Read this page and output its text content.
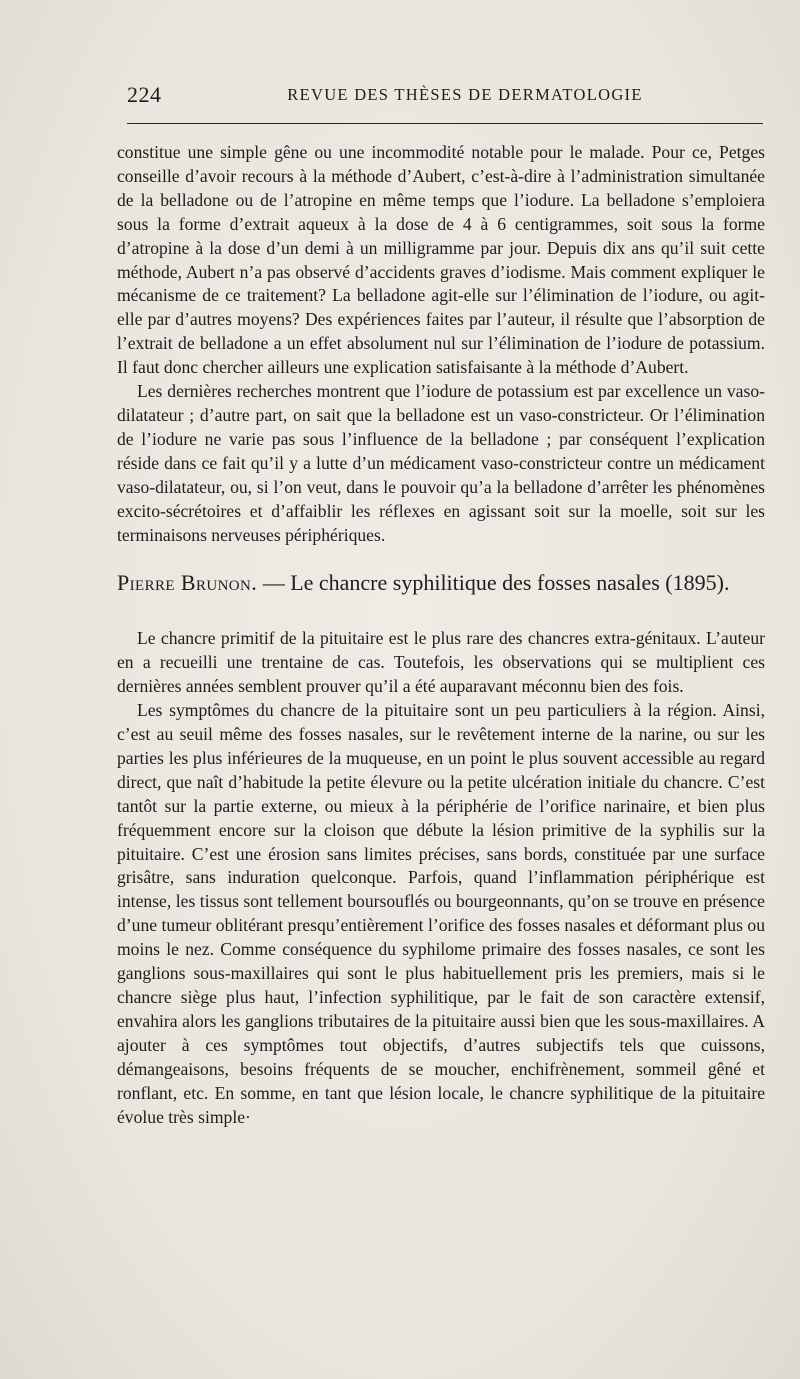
224	REVUE DES THÈSES DE DERMATOLOGIE

constitue une simple gêne ou une incommodité notable pour le malade. Pour ce, Petges conseille d’avoir recours à la méthode d’Aubert, c’est-à-dire à l’administration simultanée de la belladone ou de l’atropine en même temps que l’iodure. La belladone s’emploiera sous la forme d’extrait aqueux à la dose de 4 à 6 centigrammes, soit sous la forme d’atropine à la dose d’un demi à un milligramme par jour. Depuis dix ans qu’il suit cette méthode, Aubert n’a pas observé d’accidents graves d’iodisme. Mais comment expliquer le mécanisme de ce traitement? La belladone agit-elle sur l’élimination de l’iodure, ou agit-elle par d’autres moyens? Des expériences faites par l’auteur, il résulte que l’absorption de l’extrait de belladone a un effet absolument nul sur l’élimination de l’iodure de potassium. Il faut donc chercher ailleurs une explication satisfaisante à la méthode d’Aubert.

Les dernières recherches montrent que l’iodure de potassium est par excellence un vaso-dilatateur ; d’autre part, on sait que la belladone est un vaso-constricteur. Or l’élimination de l’iodure ne varie pas sous l’influence de la belladone ; par conséquent l’explication réside dans ce fait qu’il y a lutte d’un médicament vaso-constricteur contre un médicament vaso-dilatateur, ou, si l’on veut, dans le pouvoir qu’a la belladone d’arrêter les phénomènes excito-sécrétoires et d’affaiblir les réflexes en agissant soit sur la moelle, soit sur les terminaisons nerveuses périphériques.

Pierre Brunon. — Le chancre syphilitique des fosses nasales (1895).

Le chancre primitif de la pituitaire est le plus rare des chancres extra-génitaux. L’auteur en a recueilli une trentaine de cas. Toutefois, les observations qui se multiplient ces dernières années semblent prouver qu’il a été auparavant méconnu bien des fois.

Les symptômes du chancre de la pituitaire sont un peu particuliers à la région. Ainsi, c’est au seuil même des fosses nasales, sur le revêtement interne de la narine, ou sur les parties les plus inférieures de la muqueuse, en un point le plus souvent accessible au regard direct, que naît d’habitude la petite élevure ou la petite ulcération initiale du chancre. C’est tantôt sur la partie externe, ou mieux à la périphérie de l’orifice narinaire, et bien plus fréquemment encore sur la cloison que débute la lésion primitive de la syphilis sur la pituitaire. C’est une érosion sans limites précises, sans bords, constituée par une surface grisâtre, sans induration quelconque. Parfois, quand l’inflammation périphérique est intense, les tissus sont tellement boursouflés ou bourgeonnants, qu’on se trouve en présence d’une tumeur oblitérant presqu’entièrement l’orifice des fosses nasales et déformant plus ou moins le nez. Comme conséquence du syphilome primaire des fosses nasales, ce sont les ganglions sous-maxillaires qui sont le plus habituellement pris les premiers, mais si le chancre siège plus haut, l’infection syphilitique, par le fait de son caractère extensif, envahira alors les ganglions tributaires de la pituitaire aussi bien que les sous-maxillaires. A ajouter à ces symptômes tout objectifs, d’autres subjectifs tels que cuissons, démangeaisons, besoins fréquents de se moucher, enchifrènement, sommeil gêné et ronflant, etc. En somme, en tant que lésion locale, le chancre syphilitique de la pituitaire évolue très simple·
